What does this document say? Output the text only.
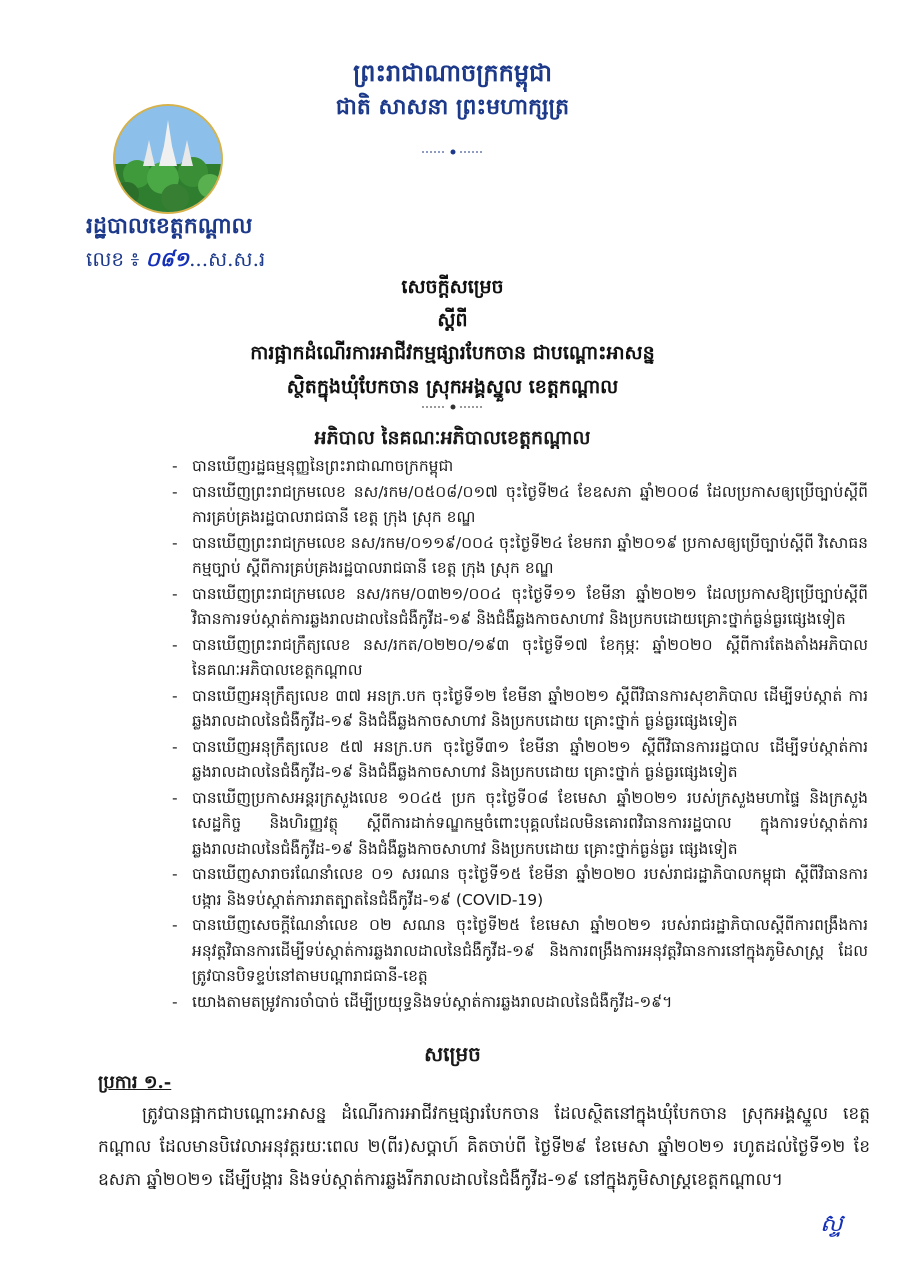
ព្រះរាជាណាចក្រកម្ពុជា
ជាតិ សាសនា ព្រះមហាក្សត្រ
រដ្ឋបាលខេត្តកណ្តាល
លេខ ៖ ០៨១...ស.ស.រ
សេចក្តីសម្រេច
ស្តីពី
ការផ្អាកដំណើរការអាជីវកម្មផ្សារបែកចាន ជាបណ្តោះអាសន្ន
ស្ថិតក្នុងឃុំបែកចាន ស្រុកអង្គស្នួល ខេត្តកណ្តាល
អភិបាល នៃគណៈអភិបាលខេត្តកណ្តាល
- បានឃើញរដ្ឋធម្មនុញ្ញនៃព្រះរាជាណាចក្រកម្ពុជា
- បានឃើញព្រះរាជក្រមលេខ នស/រកម/០៥០៨/០១៧ ចុះថ្ងៃទី២៤ ខែឧសភា ឆ្នាំ២០០៨ ដែលប្រកាសឲ្យប្រើច្បាប់ស្តីពីការគ្រប់គ្រងរដ្ឋបាលរាជធានី ខេត្ត ក្រុង ស្រុក ខណ្ឌ
- បានឃើញព្រះរាជក្រមលេខ នស/រកម/០១១៩/០០៤ ចុះថ្ងៃទី២៤ ខែមករា ឆ្នាំ២០១៩ ប្រកាសឲ្យប្រើច្បាប់ស្តីពី វិសោធនកម្មច្បាប់ ស្តីពីការគ្រប់គ្រងរដ្ឋបាលរាជធានី ខេត្ត ក្រុង ស្រុក ខណ្ឌ
- បានឃើញព្រះរាជក្រមលេខ នស/រកម/០៣២១/០០៤ ចុះថ្ងៃទី១១ ខែមីនា ឆ្នាំ២០២១ ដែលប្រកាសឱ្យប្រើច្បាប់ស្តីពី វិធានការទប់ស្កាត់ការឆ្លងរាលដាលនៃជំងឺកូវីដ-១៩ និងជំងឺឆ្លងកាចសាហាវ និងប្រកបដោយគ្រោះថ្នាក់ធ្ងន់ធ្ងរផ្សេងទៀត
- បានឃើញព្រះរាជក្រឹត្យលេខ នស/រកត/០២២០/១៩៣ ចុះថ្ងៃទី១៧ ខែកុម្ភៈ ឆ្នាំ២០២០ ស្តីពីការតែងតាំងអភិបាលនៃគណៈអភិបាលខេត្តកណ្តាល
- បានឃើញអនុក្រឹត្យលេខ ៣៧ អនក្រ.បក ចុះថ្ងៃទី១២ ខែមីនា ឆ្នាំ២០២១ ស្តីពីវិធានការសុខាភិបាល ដើម្បីទប់ស្កាត់ ការឆ្លងរាលដាលនៃជំងឺកូវីដ-១៩ និងជំងឺឆ្លងកាចសាហាវ និងប្រកបដោយ គ្រោះថ្នាក់ ធ្ងន់ធ្ងរផ្សេងទៀត
- បានឃើញអនុក្រឹត្យលេខ ៥៧ អនក្រ.បក ចុះថ្ងៃទី៣១ ខែមីនា ឆ្នាំ២០២១ ស្តីពីវិធានការរដ្ឋបាល ដើម្បីទប់ស្កាត់ការឆ្លងរាលដាលនៃជំងឺកូវីដ-១៩ និងជំងឺឆ្លងកាចសាហាវ និងប្រកបដោយ គ្រោះថ្នាក់ ធ្ងន់ធ្ងរផ្សេងទៀត
- បានឃើញប្រកាសអន្តរក្រសួងលេខ ១០៤៥ ប្រក ចុះថ្ងៃទី០៨ ខែមេសា ឆ្នាំ២០២១ របស់ក្រសួងមហាផ្ទៃ និងក្រសួងសេដ្ឋកិច្ច និងហិរញ្ញវត្ថុ ស្តីពីការដាក់ទណ្ឌកម្មចំពោះបុគ្គលដែលមិនគោរពវិធានការរដ្ឋបាល ក្នុងការទប់ស្កាត់ការឆ្លងរាលដាលនៃជំងឺកូវីដ-១៩ និងជំងឺឆ្លងកាចសាហាវ និងប្រកបដោយ គ្រោះថ្នាក់ធ្ងន់ធ្ងរ ផ្សេងទៀត
- បានឃើញសារាចរណែនាំលេខ ០១ សរណន ចុះថ្ងៃទី១៥ ខែមីនា ឆ្នាំ២០២០ របស់រាជរដ្ឋាភិបាលកម្ពុជា ស្តីពីវិធានការ បង្ការ និងទប់ស្កាត់ការរាតត្បាតនៃជំងឺកូវីដ-១៩ (COVID-19)
- បានឃើញសេចក្តីណែនាំលេខ ០២ សណន ចុះថ្ងៃទី២៥ ខែមេសា ឆ្នាំ២០២១ របស់រាជរដ្ឋាភិបាលស្តីពីការពង្រឹងការអនុវត្តវិធានការដើម្បីទប់ស្កាត់ការឆ្លងរាលដាលនៃជំងឺកូវីដ-១៩ និងការពង្រឹងការអនុវត្តវិធានការនៅក្នុងភូមិសាស្ត្រ ដែលត្រូវបានបិទខ្ទប់នៅតាមបណ្តារាជធានី-ខេត្ត
- យោងតាមតម្រូវការចាំបាច់ ដើម្បីប្រយុទ្ធនិងទប់ស្កាត់ការឆ្លងរាលដាលនៃជំងឺកូវីដ-១៩។
សម្រេច
ប្រការ ១.-
ត្រូវបានផ្អាកជាបណ្តោះអាសន្ន ដំណើរការអាជីវកម្មផ្សារបែកចាន ដែលស្ថិតនៅក្នុងឃុំបែកចាន ស្រុកអង្គស្នួល ខេត្តកណ្តាល ដែលមានបិវេលាអនុវត្តរយៈពេល ២(ពីរ)សប្តាហ៍ គិតចាប់ពី ថ្ងៃទី២៩ ខែមេសា ឆ្នាំ២០២១ រហូតដល់ថ្ងៃទី១២ ខែឧសភា ឆ្នាំ២០២១ ដើម្បីបង្ការ និងទប់ស្កាត់ការឆ្លងរីករាលដាលនៃជំងឺកូវីដ-១៩ នៅក្នុងភូមិសាស្ត្រខេត្តកណ្តាល។
ស្ទ
